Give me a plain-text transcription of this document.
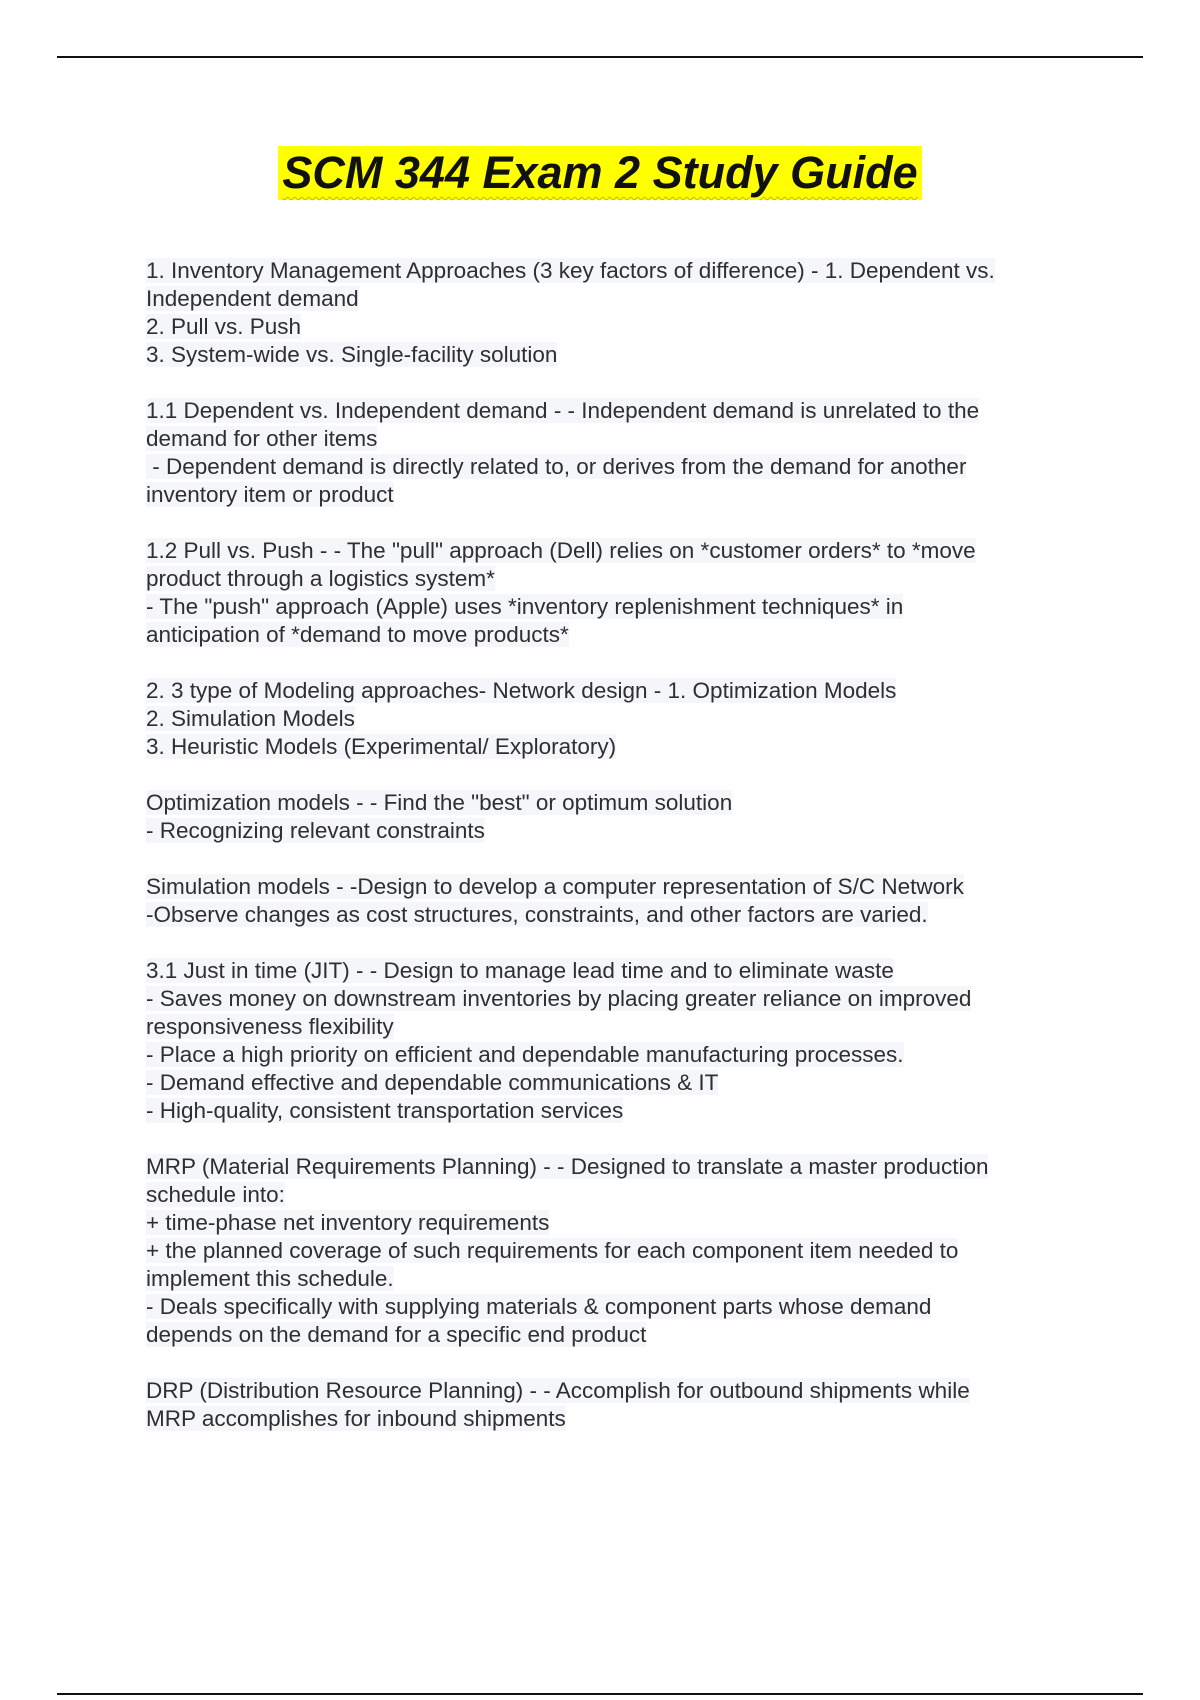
SCM 344 Exam 2 Study Guide
1. Inventory Management Approaches (3 key factors of difference) - 1. Dependent vs.
Independent demand
2. Pull vs. Push
3. System-wide vs. Single-facility solution
1.1 Dependent vs. Independent demand - - Independent demand is unrelated to the
demand for other items
- Dependent demand is directly related to, or derives from the demand for another
inventory item or product
1.2 Pull vs. Push - - The "pull" approach (Dell) relies on *customer orders* to *move
product through a logistics system*
- The "push" approach (Apple) uses *inventory replenishment techniques* in
anticipation of *demand to move products*
2. 3 type of Modeling approaches- Network design - 1. Optimization Models
2. Simulation Models
3. Heuristic Models (Experimental/ Exploratory)
Optimization models - - Find the "best" or optimum solution
- Recognizing relevant constraints
Simulation models - -Design to develop a computer representation of S/C Network
-Observe changes as cost structures, constraints, and other factors are varied.
3.1 Just in time (JIT) - - Design to manage lead time and to eliminate waste
- Saves money on downstream inventories by placing greater reliance on improved
responsiveness flexibility
- Place a high priority on efficient and dependable manufacturing processes.
- Demand effective and dependable communications & IT
- High-quality, consistent transportation services
MRP (Material Requirements Planning) - - Designed to translate a master production
schedule into:
+ time-phase net inventory requirements
+ the planned coverage of such requirements for each component item needed to
implement this schedule.
- Deals specifically with supplying materials & component parts whose demand
depends on the demand for a specific end product
DRP (Distribution Resource Planning) - - Accomplish for outbound shipments while
MRP accomplishes for inbound shipments
